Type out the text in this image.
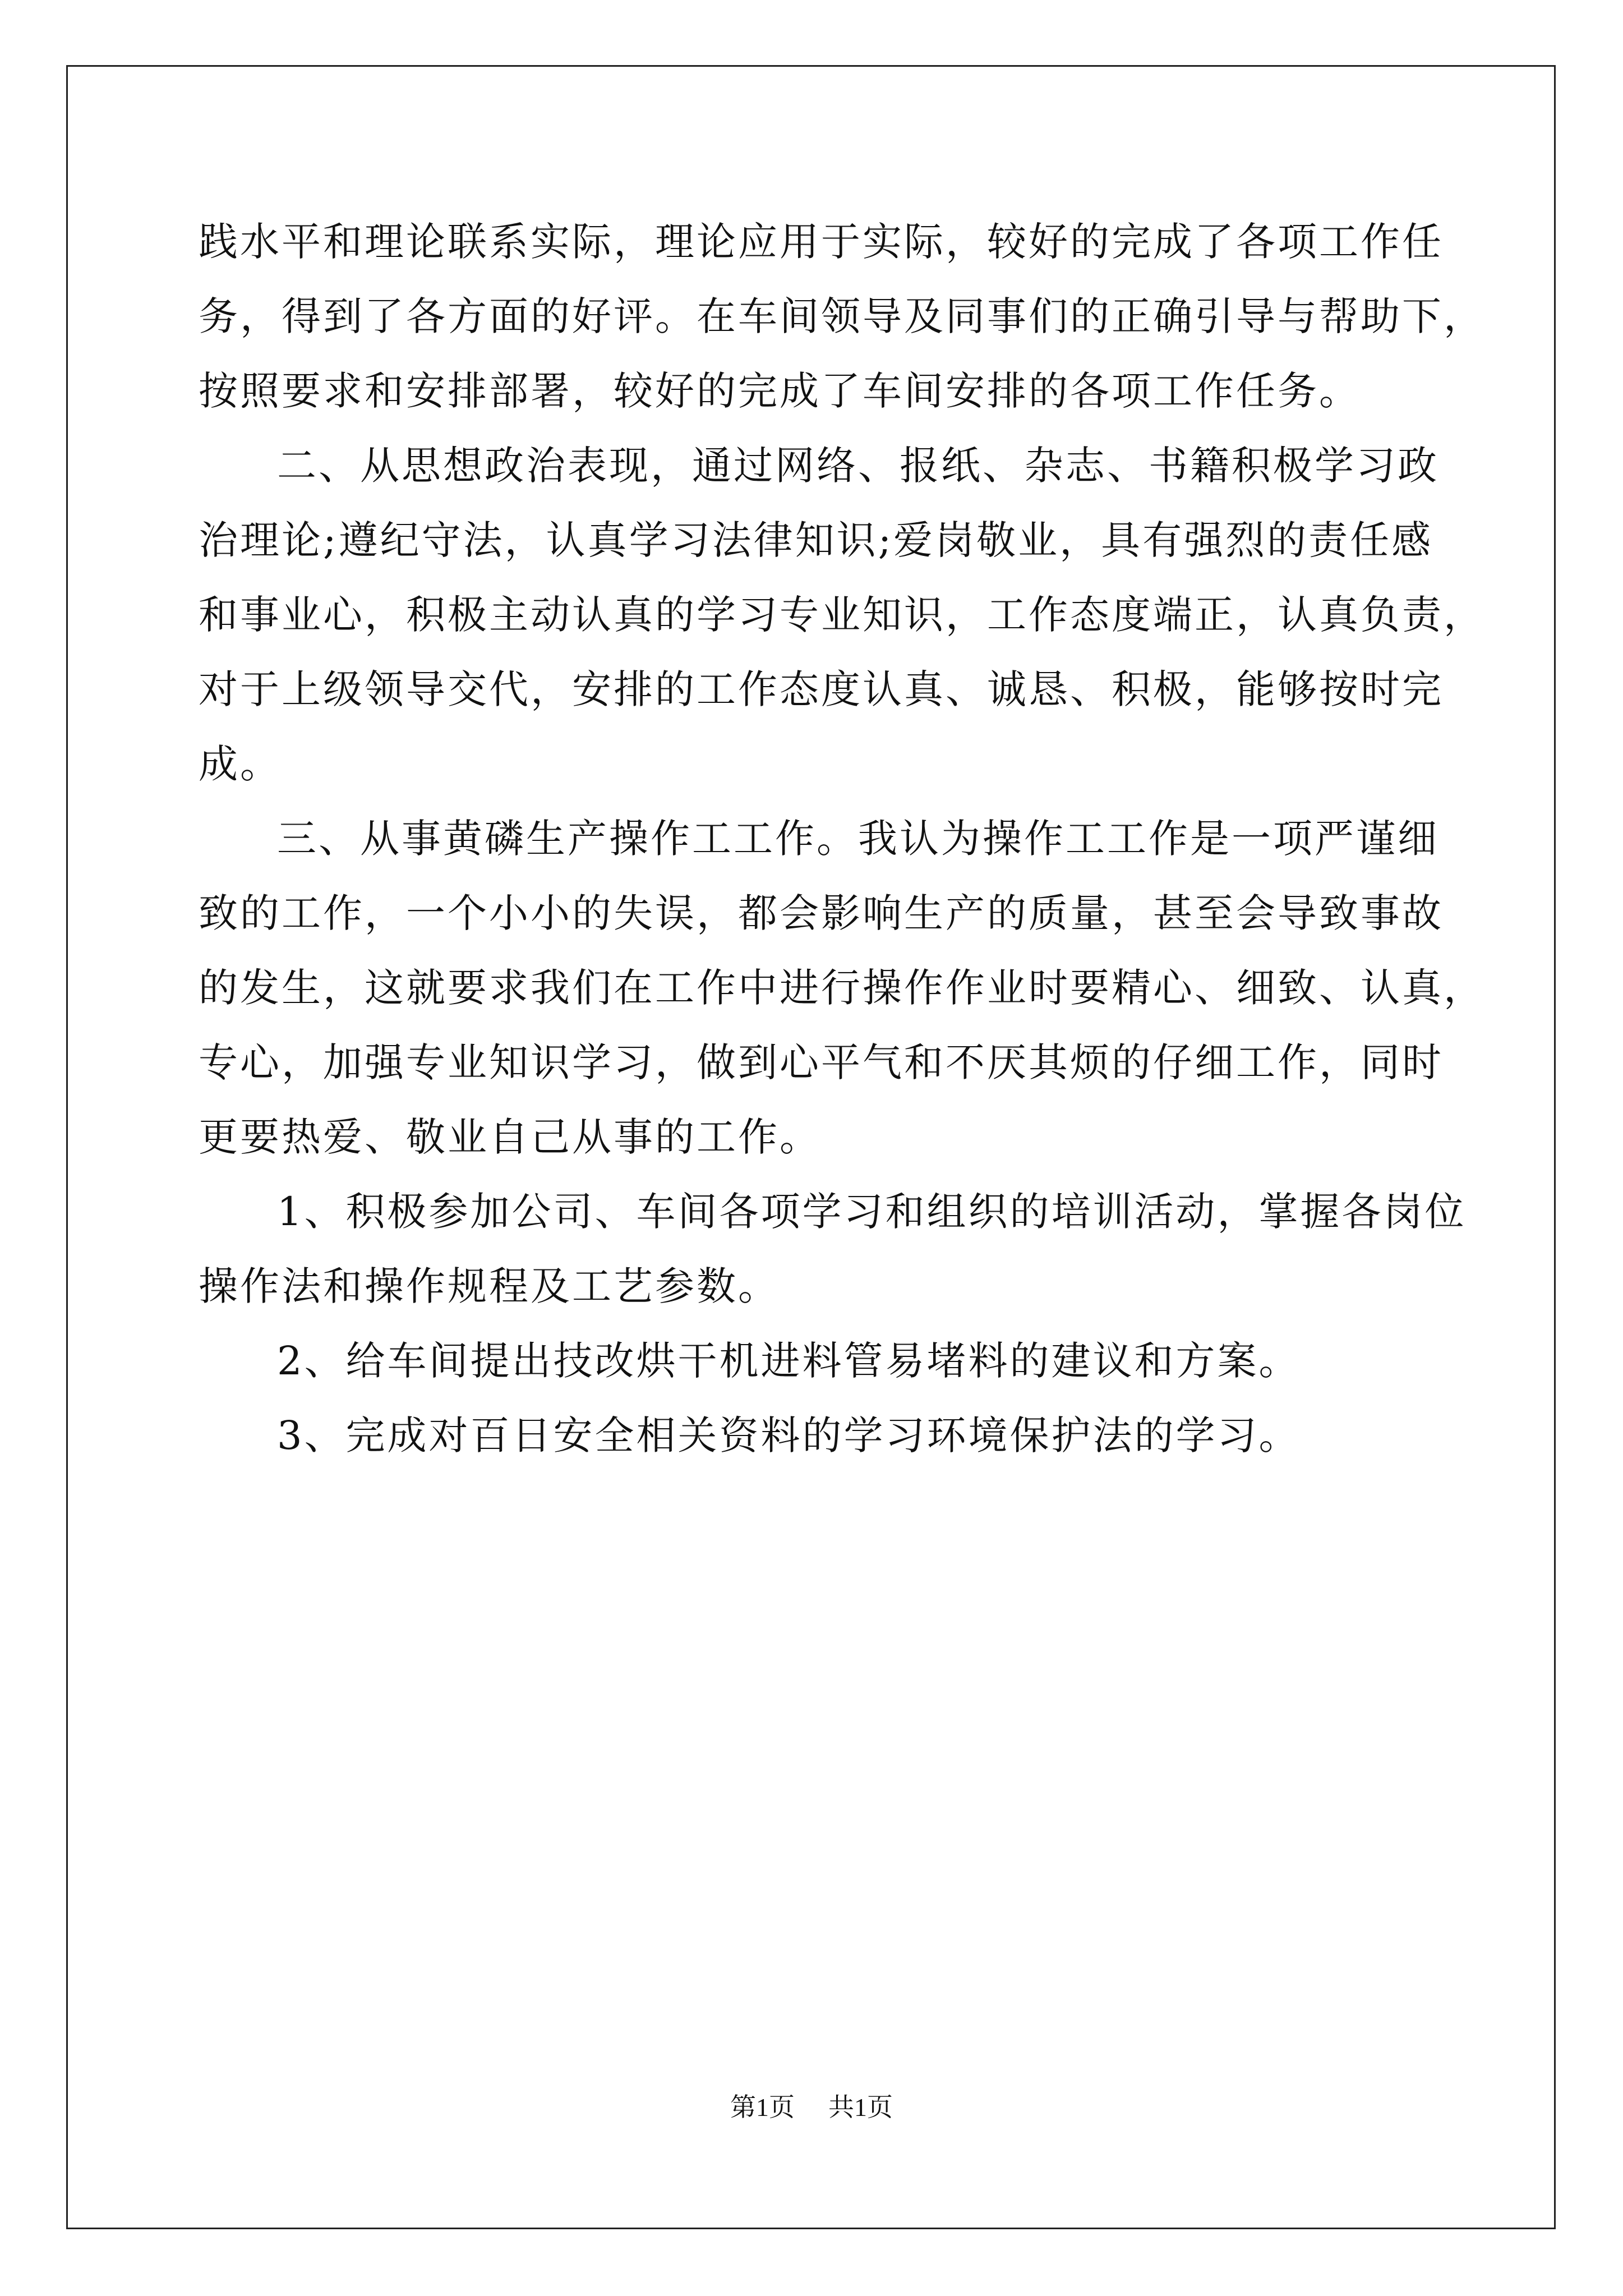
践水平和理论联系实际，理论应用于实际，较好的完成了各项工作任
务，得到了各方面的好评。在车间领导及同事们的正确引导与帮助下，
按照要求和安排部署，较好的完成了车间安排的各项工作任务。
二、从思想政治表现，通过网络、报纸、杂志、书籍积极学习政
治理论;遵纪守法，认真学习法律知识;爱岗敬业，具有强烈的责任感
和事业心，积极主动认真的学习专业知识，工作态度端正，认真负责，
对于上级领导交代，安排的工作态度认真、诚恳、积极，能够按时完
成。
三、从事黄磷生产操作工工作。我认为操作工工作是一项严谨细
致的工作，一个小小的失误，都会影响生产的质量，甚至会导致事故
的发生，这就要求我们在工作中进行操作作业时要精心、细致、认真，
专心，加强专业知识学习，做到心平气和不厌其烦的仔细工作，同时
更要热爱、敬业自己从事的工作。
1、积极参加公司、车间各项学习和组织的培训活动，掌握各岗位
操作法和操作规程及工艺参数。
2、给车间提出技改烘干机进料管易堵料的建议和方案。
3、完成对百日安全相关资料的学习环境保护法的学习。
第1页 共1页
